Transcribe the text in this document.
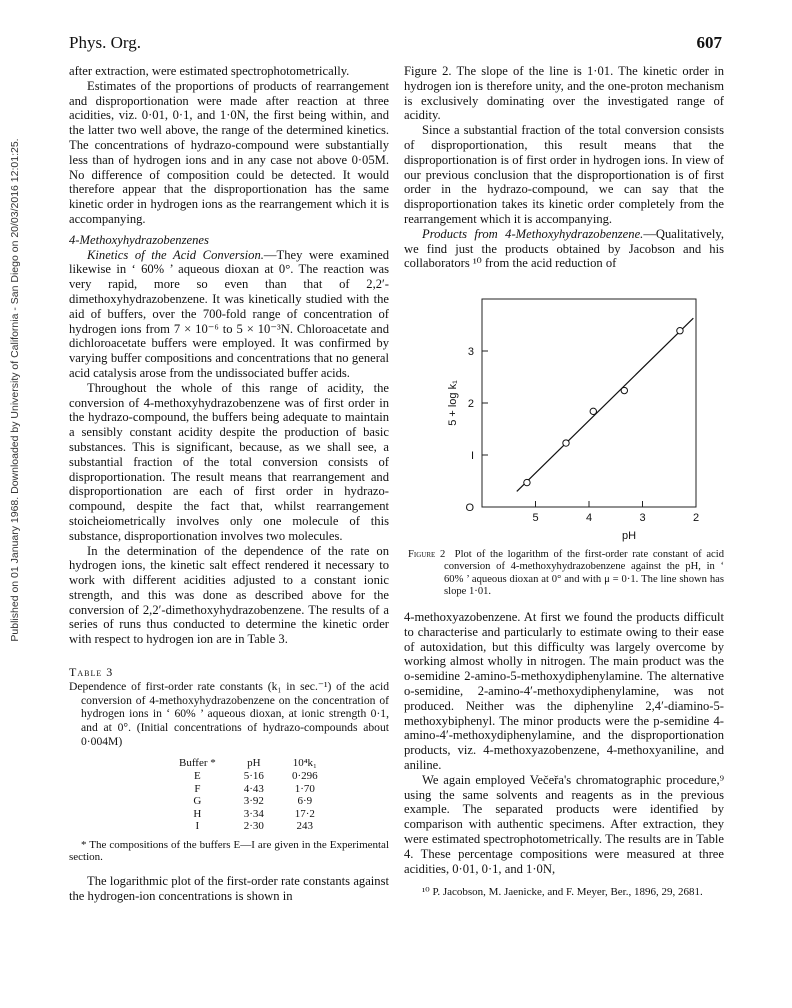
Phys. Org.	607
Published on 01 January 1968. Downloaded by University of California - San Diego on 20/03/2016 12:01:25.

after extraction, were estimated spectrophotometrically.

Estimates of the proportions of products of rearrangement and disproportionation were made after reaction at three acidities, viz. 0·01, 0·1, and 1·0N, the first being within, and the latter two well above, the range of the determined kinetics. The concentrations of hydrazo-compound were substantially less than of hydrogen ions and in any case not above 0·05M. No difference of composition could be detected. It would therefore appear that the disproportionation has the same kinetic order in hydrogen ions as the rearrangement which it is accompanying.

4-Methoxyhydrazobenzenes

Kinetics of the Acid Conversion.—They were examined likewise in ‘ 60% ’ aqueous dioxan at 0°. The reaction was very rapid, more so even than that of 2,2′-dimethoxyhydrazobenzene. It was kinetically studied with the aid of buffers, over the 700-fold range of concentration of hydrogen ions from 7 × 10⁻⁶ to 5 × 10⁻³N. Chloroacetate and dichloroacetate buffers were employed. It was confirmed by varying buffer compositions and concentrations that no general acid catalysis arose from the undissociated buffer acids.

Throughout the whole of this range of acidity, the conversion of 4-methoxyhydrazobenzene was of first order in the hydrazo-compound, the buffers being adequate to maintain a sensibly constant acidity despite the production of basic substances. This is significant, because, as we shall see, a substantial fraction of the total conversion consists of disproportionation. The result means that rearrangement and disproportionation are each of first order in hydrazo-compound, despite the fact that, whilst rearrangement stoicheiometrically involves only one molecule of this substance, disproportionation involves two molecules.

In the determination of the dependence of the rate on hydrogen ions, the kinetic salt effect rendered it necessary to work with different acidities adjusted to a constant ionic strength, and this was done as described above for the conversion of 2,2′-dimethoxyhydrazobenzene. The results of a series of runs thus conducted to determine the kinetic order with respect to hydrogen ion are in Table 3.

Table 3

Dependence of first-order rate constants (k₁ in sec.⁻¹) of the acid conversion of 4-methoxyhydrazobenzene on the concentration of hydrogen ions in ‘ 60% ’ aqueous dioxan, at ionic strength 0·1, and at 0°. (Initial concentrations of hydrazo-compounds about 0·004M)

Buffer *	pH	10⁴k₁
E	5·16	0·296
F	4·43	1·70
G	3·92	6·9
H	3·34	17·2
I	2·30	243

* The compositions of the buffers E—I are given in the Experimental section.

The logarithmic plot of the first-order rate constants against the hydrogen-ion concentrations is shown in

Figure 2. The slope of the line is 1·01. The kinetic order in hydrogen ion is therefore unity, and the one-proton mechanism is exclusively dominating over the investigated range of acidity.

Since a substantial fraction of the total conversion consists of disproportionation, this result means that the disproportionation is of first order in hydrogen ions. In view of our previous conclusion that the disproportionation is of first order in the hydrazo-compound, we can say that the disproportionation takes its kinetic order completely from the rearrangement which it is accompanying.

Products from 4-Methoxyhydrazobenzene.—Qualitatively, we find just the products obtained by Jacobson and his collaborators ¹⁰ from the acid reduction of

5	4	3	2
O
I
2
3
pH
5 + log k₁

Figure 2 Plot of the logarithm of the first-order rate constant of acid conversion of 4-methoxyhydrazobenzene against the pH, in ‘ 60% ’ aqueous dioxan at 0° and with μ = 0·1. The line shown has slope 1·01.

4-methoxyazobenzene. At first we found the products difficult to characterise and particularly to estimate owing to their ease of autoxidation, but this difficulty was largely overcome by working almost wholly in nitrogen. The main product was the o-semidine 2-amino-5-methoxydiphenylamine. The alternative o-semidine, 2-amino-4′-methoxydiphenylamine, was not produced. Neither was the diphenyline 2,4′-diamino-5-methoxybiphenyl. The minor products were the p-semidine 4-amino-4′-methoxydiphenylamine, and the disproportionation products, viz. 4-methoxyazobenzene, 4-methoxyaniline, and aniline.

We again employed Večeřa's chromatographic procedure,⁹ using the same solvents and reagents as in the previous example. The separated products were identified by comparison with authentic specimens. After extraction, they were estimated spectrophotometrically. The results are in Table 4. These percentage compositions were measured at three acidities, 0·01, 0·1, and 1·0N,

¹⁰ P. Jacobson, M. Jaenicke, and F. Meyer, Ber., 1896, 29, 2681.
